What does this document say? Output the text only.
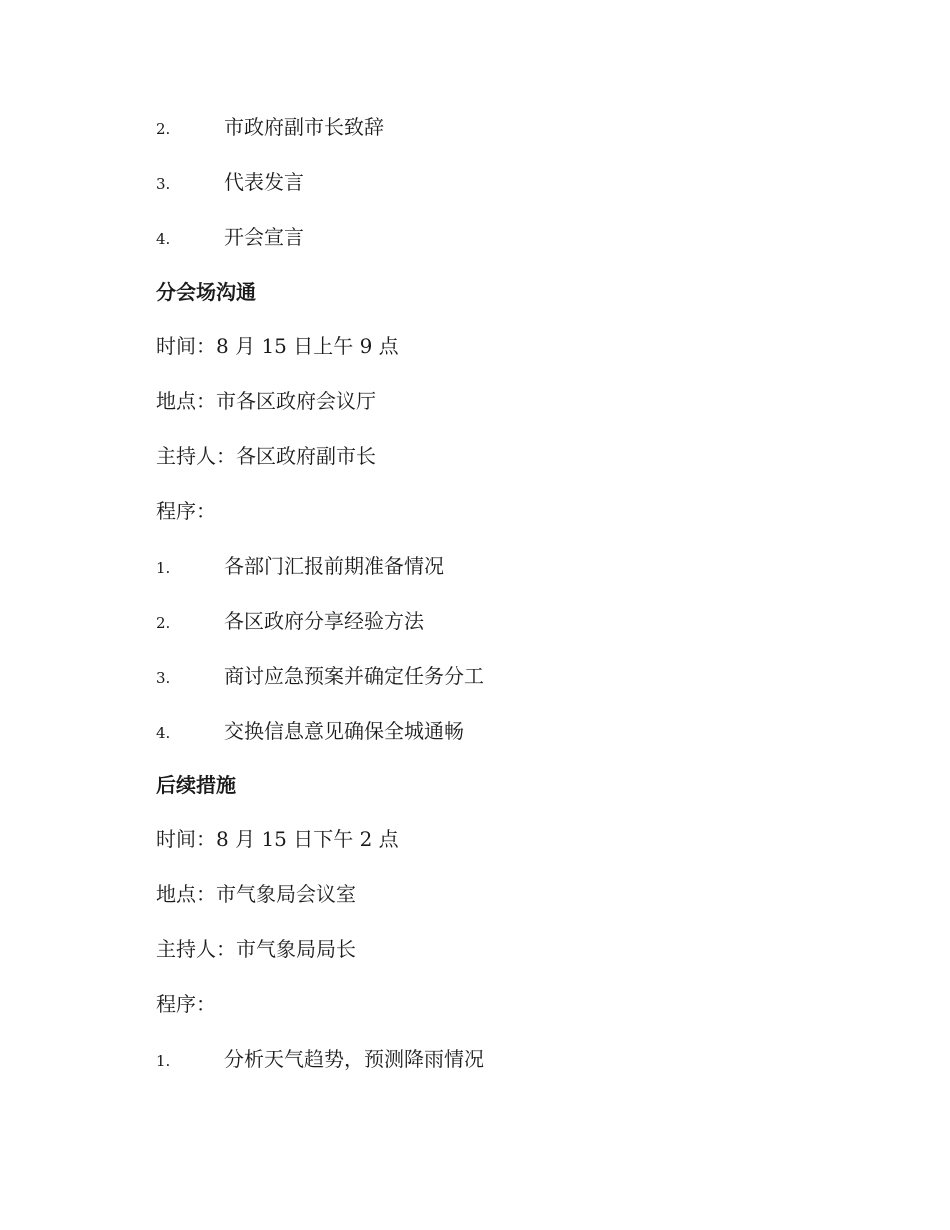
2.	市政府副市长致辞
3.	代表发言
4.	开会宣言
分会场沟通
时间：8 月 15 日上午 9 点
地点：市各区政府会议厅
主持人：各区政府副市长
程序：
1.	各部门汇报前期准备情况
2.	各区政府分享经验方法
3.	商讨应急预案并确定任务分工
4.	交换信息意见确保全城通畅
后续措施
时间：8 月 15 日下午 2 点
地点：市气象局会议室
主持人：市气象局局长
程序：
1.	分析天气趋势，预测降雨情况
